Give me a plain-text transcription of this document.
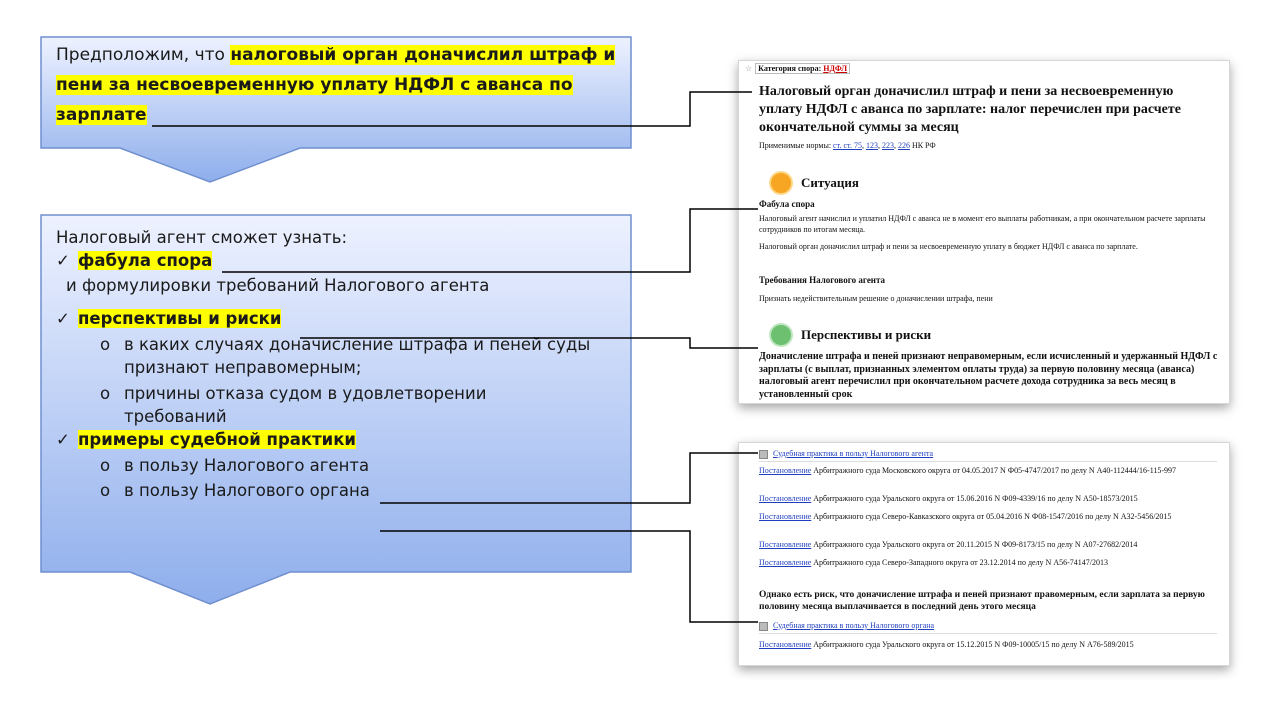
Предположим, что налоговый орган доначислил штраф и
пени за несвоевременную уплату НДФЛ с аванса по
зарплате
Налоговый агент сможет узнать:
✓ фабула спора
и формулировки требований Налогового агента
✓ перспективы и риски
o в каких случаях доначисление штрафа и пеней суды
признают неправомерным;
o причины отказа судом в удовлетворении
требований
✓ примеры судебной практики
o в пользу Налогового агента
o в пользу Налогового органа
☆ Категория спора: НДФЛ
Налоговый орган доначислил штраф и пени за несвоевременную уплату НДФЛ с аванса по зарплате: налог перечислен при расчете окончательной суммы за месяц
Применимые нормы: ст. ст. 75, 123, 223, 226 НК РФ
Ситуация
Фабула спора
Налоговый агент начислил и уплатил НДФЛ с аванса не в момент его выплаты работникам, а при окончательном расчете зарплаты сотрудников по итогам месяца.
Налоговый орган доначислил штраф и пени за несвоевременную уплату в бюджет НДФЛ с аванса по зарплате.
Требования Налогового агента
Признать недействительным решение о доначислении штрафа, пени
Перспективы и риски
Доначисление штрафа и пеней признают неправомерным, если исчисленный и удержанный НДФЛ с зарплаты (с выплат, признанных элементом оплаты труда) за первую половину месяца (аванса) налоговый агент перечислил при окончательном расчете дохода сотрудника за весь месяц в установленный срок
Судебная практика в пользу Налогового агента
Постановление Арбитражного суда Московского округа от 04.05.2017 N Ф05-4747/2017 по делу N А40-112444/16-115-997
Постановление Арбитражного суда Уральского округа от 15.06.2016 N Ф09-4339/16 по делу N А50-18573/2015
Постановление Арбитражного суда Северо-Кавказского округа от 05.04.2016 N Ф08-1547/2016 по делу N А32-5456/2015
Постановление Арбитражного суда Уральского округа от 20.11.2015 N Ф09-8173/15 по делу N А07-27682/2014
Постановление Арбитражного суда Северо-Западного округа от 23.12.2014 по делу N А56-74147/2013
Однако есть риск, что доначисление штрафа и пеней признают правомерным, если зарплата за первую половину месяца выплачивается в последний день этого месяца
Судебная практика в пользу Налогового органа
Постановление Арбитражного суда Уральского округа от 15.12.2015 N Ф09-10005/15 по делу N А76-589/2015
